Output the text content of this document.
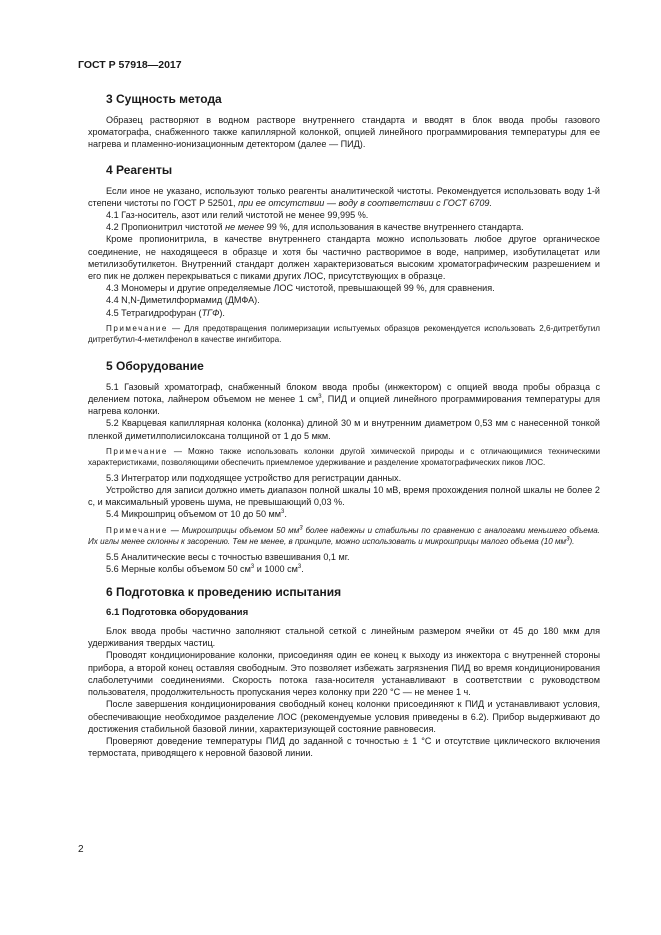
ГОСТ Р 57918—2017
3 Сущность метода

Образец растворяют в водном растворе внутреннего стандарта и вводят в блок ввода пробы газового хроматографа, снабженного также капиллярной колонкой, опцией линейного программирования температуры для ее нагрева и пламенно-ионизационным детектором (далее — ПИД).

4 Реагенты

Если иное не указано, используют только реагенты аналитической чистоты. Рекомендуется использовать воду 1-й степени чистоты по ГОСТ Р 52501, при ее отсутствии — воду в соответствии с ГОСТ 6709.

4.1 Газ-носитель, азот или гелий чистотой не менее 99,995 %.

4.2 Пропионитрил чистотой не менее 99 %, для использования в качестве внутреннего стандарта.

Кроме пропионитрила, в качестве внутреннего стандарта можно использовать любое другое органическое соединение, не находящееся в образце и хотя бы частично растворимое в воде, например, изобутилацетат или метилизобутилкетон. Внутренний стандарт должен характеризоваться высоким хроматографическим разрешением и его пик не должен перекрываться с пиками других ЛОС, присутствующих в образце.

4.3 Мономеры и другие определяемые ЛОС чистотой, превышающей 99 %, для сравнения.

4.4 N,N-Диметилформамид (ДМФА).

4.5 Тетрагидрофуран (ТГФ).

Примечание — Для предотвращения полимеризации испытуемых образцов рекомендуется использовать 2,6-дитретбутил дитретбутил-4-метилфенол в качестве ингибитора.

5 Оборудование

5.1 Газовый хроматограф, снабженный блоком ввода пробы (инжектором) с опцией ввода пробы образца с делением потока, лайнером объемом не менее 1 $см^3$, ПИД и опцией линейного программирования температуры для нагрева колонки.

5.2 Кварцевая капиллярная колонка (колонка) длиной 30 м и внутренним диаметром 0,53 мм с нанесенной тонкой пленкой диметилполисилоксана толщиной от 1 до 5 мкм.

Примечание — Можно также использовать колонки другой химической природы и с отличающимися техническими характеристиками, позволяющими обеспечить приемлемое удерживание и разделение хроматографических пиков ЛОС.

5.3 Интегратор или подходящее устройство для регистрации данных.

Устройство для записи должно иметь диапазон полной шкалы 10 мВ, время прохождения полной шкалы не более 2 с, и максимальный уровень шума, не превышающий 0,03 %.

5.4 Микрошприц объемом от 10 до 50 $мм^3$.

Примечание — Микрошприцы объемом 50 $мм^3$ более надежны и стабильны по сравнению с аналогами меньшего объема. Их иглы менее склонны к засорению. Тем не менее, в принципе, можно использовать и микрошприцы малого объема (10 $мм^3$).

5.5 Аналитические весы с точностью взвешивания 0,1 мг.

5.6 Мерные колбы объемом 50 $см^3$ и 1000 $см^3$.

6 Подготовка к проведению испытания
6.1 Подготовка оборудования

Блок ввода пробы частично заполняют стальной сеткой с линейным размером ячейки от 45 до 180 мкм для удерживания твердых частиц.

Проводят кондиционирование колонки, присоединяя один ее конец к выходу из инжектора с внутренней стороны прибора, а второй конец оставляя свободным. Это позволяет избежать загрязнения ПИД во время кондиционирования слаболетучими соединениями. Скорость потока газа-носителя устанавливают в соответствии с руководством пользователя, продолжительность пропускания через колонку при 220 °С — не менее 1 ч.

После завершения кондиционирования свободный конец колонки присоединяют к ПИД и устанавливают условия, обеспечивающие необходимое разделение ЛОС (рекомендуемые условия приведены в 6.2). Прибор выдерживают до достижения стабильной базовой линии, характеризующей состояние равновесия.

Проверяют доведение температуры ПИД до заданной с точностью ± 1 °С и отсутствие циклического включения термостата, приводящего к неровной базовой линии.

2
